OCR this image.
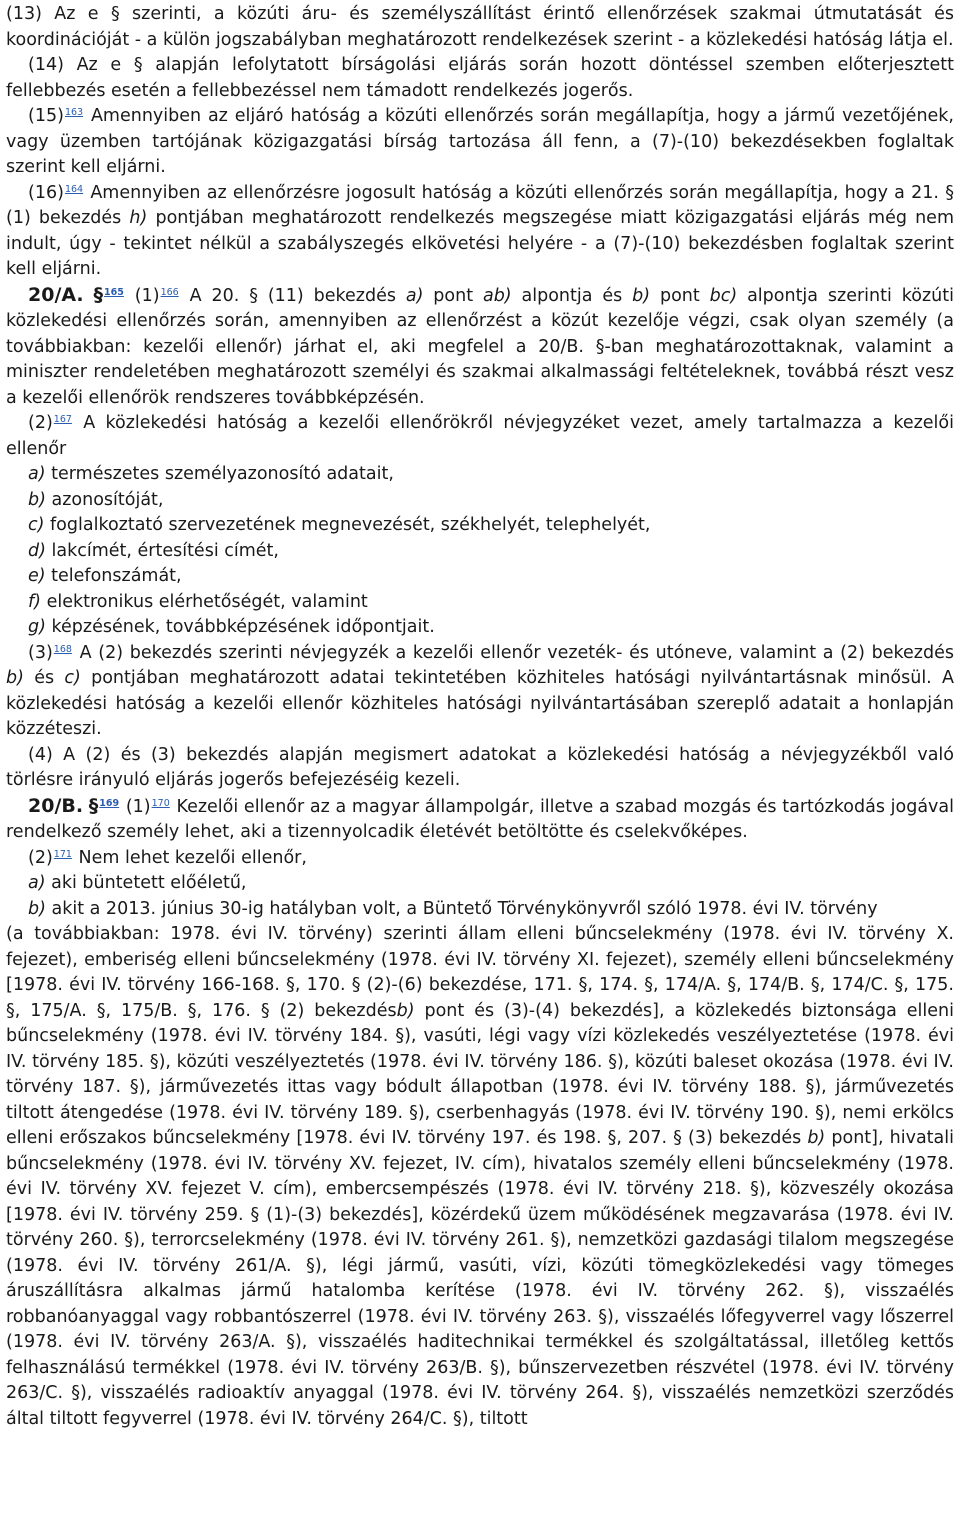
(13) Az e § szerinti, a közúti áru- és személyszállítást érintő ellenőrzések szakmai útmutatását és koordinációját - a külön jogszabályban meghatározott rendelkezések szerint - a közlekedési hatóság látja el.

(14) Az e § alapján lefolytatott bírságolási eljárás során hozott döntéssel szemben előterjesztett fellebbezés esetén a fellebbezéssel nem támadott rendelkezés jogerős.

(15)$^{163}$ Amennyiben az eljáró hatóság a közúti ellenőrzés során megállapítja, hogy a jármű vezetőjének, vagy üzemben tartójának közigazgatási bírság tartozása áll fenn, a (7)-(10) bekezdésekben foglaltak szerint kell eljárni.

(16)$^{164}$ Amennyiben az ellenőrzésre jogosult hatóság a közúti ellenőrzés során megállapítja, hogy a 21. § (1) bekezdés h) pontjában meghatározott rendelkezés megszegése miatt közigazgatási eljárás még nem indult, úgy - tekintet nélkül a szabályszegés elkövetési helyére - a (7)-(10) bekezdésben foglaltak szerint kell eljárni.

20/A. §$^{165}$ (1)$^{166}$ A 20. § (11) bekezdés a) pont ab) alpontja és b) pont bc) alpontja szerinti közúti közlekedési ellenőrzés során, amennyiben az ellenőrzést a közút kezelője végzi, csak olyan személy (a továbbiakban: kezelői ellenőr) járhat el, aki megfelel a 20/B. §-ban meghatározottaknak, valamint a miniszter rendeletében meghatározott személyi és szakmai alkalmassági feltételeknek, továbbá részt vesz a kezelői ellenőrök rendszeres továbbképzésén.

(2)$^{167}$ A közlekedési hatóság a kezelői ellenőrökről névjegyzéket vezet, amely tartalmazza a kezelői ellenőr

a) természetes személyazonosító adatait,

b) azonosítóját,

c) foglalkoztató szervezetének megnevezését, székhelyét, telephelyét,

d) lakcímét, értesítési címét,

e) telefonszámát,

f) elektronikus elérhetőségét, valamint

g) képzésének, továbbképzésének időpontjait.

(3)$^{168}$ A (2) bekezdés szerinti névjegyzék a kezelői ellenőr vezeték- és utóneve, valamint a (2) bekezdés b) és c) pontjában meghatározott adatai tekintetében közhiteles hatósági nyilvántartásnak minősül. A közlekedési hatóság a kezelői ellenőr közhiteles hatósági nyilvántartásában szereplő adatait a honlapján közzéteszi.

(4) A (2) és (3) bekezdés alapján megismert adatokat a közlekedési hatóság a névjegyzékből való törlésre irányuló eljárás jogerős befejezéséig kezeli.

20/B. §$^{169}$ (1)$^{170}$ Kezelői ellenőr az a magyar állampolgár, illetve a szabad mozgás és tartózkodás jogával rendelkező személy lehet, aki a tizennyolcadik életévét betöltötte és cselekvőképes.

(2)$^{171}$ Nem lehet kezelői ellenőr,

a) aki büntetett előéletű,

b) akit a 2013. június 30-ig hatályban volt, a Büntető Törvénykönyvről szóló 1978. évi IV. törvény

(a továbbiakban: 1978. évi IV. törvény) szerinti állam elleni bűncselekmény (1978. évi IV. törvény X. fejezet), emberiség elleni bűncselekmény (1978. évi IV. törvény XI. fejezet), személy elleni bűncselekmény [1978. évi IV. törvény 166-168. §, 170. § (2)-(6) bekezdése, 171. §, 174. §, 174/A. §, 174/B. §, 174/C. §, 175. §, 175/A. §, 175/B. §, 176. § (2) bekezdésb) pont és (3)-(4) bekezdés], a közlekedés biztonsága elleni bűncselekmény (1978. évi IV. törvény 184. §), vasúti, légi vagy vízi közlekedés veszélyeztetése (1978. évi IV. törvény 185. §), közúti veszélyeztetés (1978. évi IV. törvény 186. §), közúti baleset okozása (1978. évi IV. törvény 187. §), járművezetés ittas vagy bódult állapotban (1978. évi IV. törvény 188. §), járművezetés tiltott átengedése (1978. évi IV. törvény 189. §), cserbenhagyás (1978. évi IV. törvény 190. §), nemi erkölcs elleni erőszakos bűncselekmény [1978. évi IV. törvény 197. és 198. §, 207. § (3) bekezdés b) pont], hivatali bűncselekmény (1978. évi IV. törvény XV. fejezet, IV. cím), hivatalos személy elleni bűncselekmény (1978. évi IV. törvény XV. fejezet V. cím), embercsempészés (1978. évi IV. törvény 218. §), közveszély okozása [1978. évi IV. törvény 259. § (1)-(3) bekezdés], közérdekű üzem működésének megzavarása (1978. évi IV. törvény 260. §), terrorcselekmény (1978. évi IV. törvény 261. §), nemzetközi gazdasági tilalom megszegése (1978. évi IV. törvény 261/A. §), légi jármű, vasúti, vízi, közúti tömegközlekedési vagy tömeges áruszállításra alkalmas jármű hatalomba kerítése (1978. évi IV. törvény 262. §), visszaélés robbanóanyaggal vagy robbantószerrel (1978. évi IV. törvény 263. §), visszaélés lőfegyverrel vagy lőszerrel (1978. évi IV. törvény 263/A. §), visszaélés haditechnikai termékkel és szolgáltatással, illetőleg kettős felhasználású termékkel (1978. évi IV. törvény 263/B. §), bűnszervezetben részvétel (1978. évi IV. törvény 263/C. §), visszaélés radioaktív anyaggal (1978. évi IV. törvény 264. §), visszaélés nemzetközi szerződés által tiltott fegyverrel (1978. évi IV. törvény 264/C. §), tiltott
